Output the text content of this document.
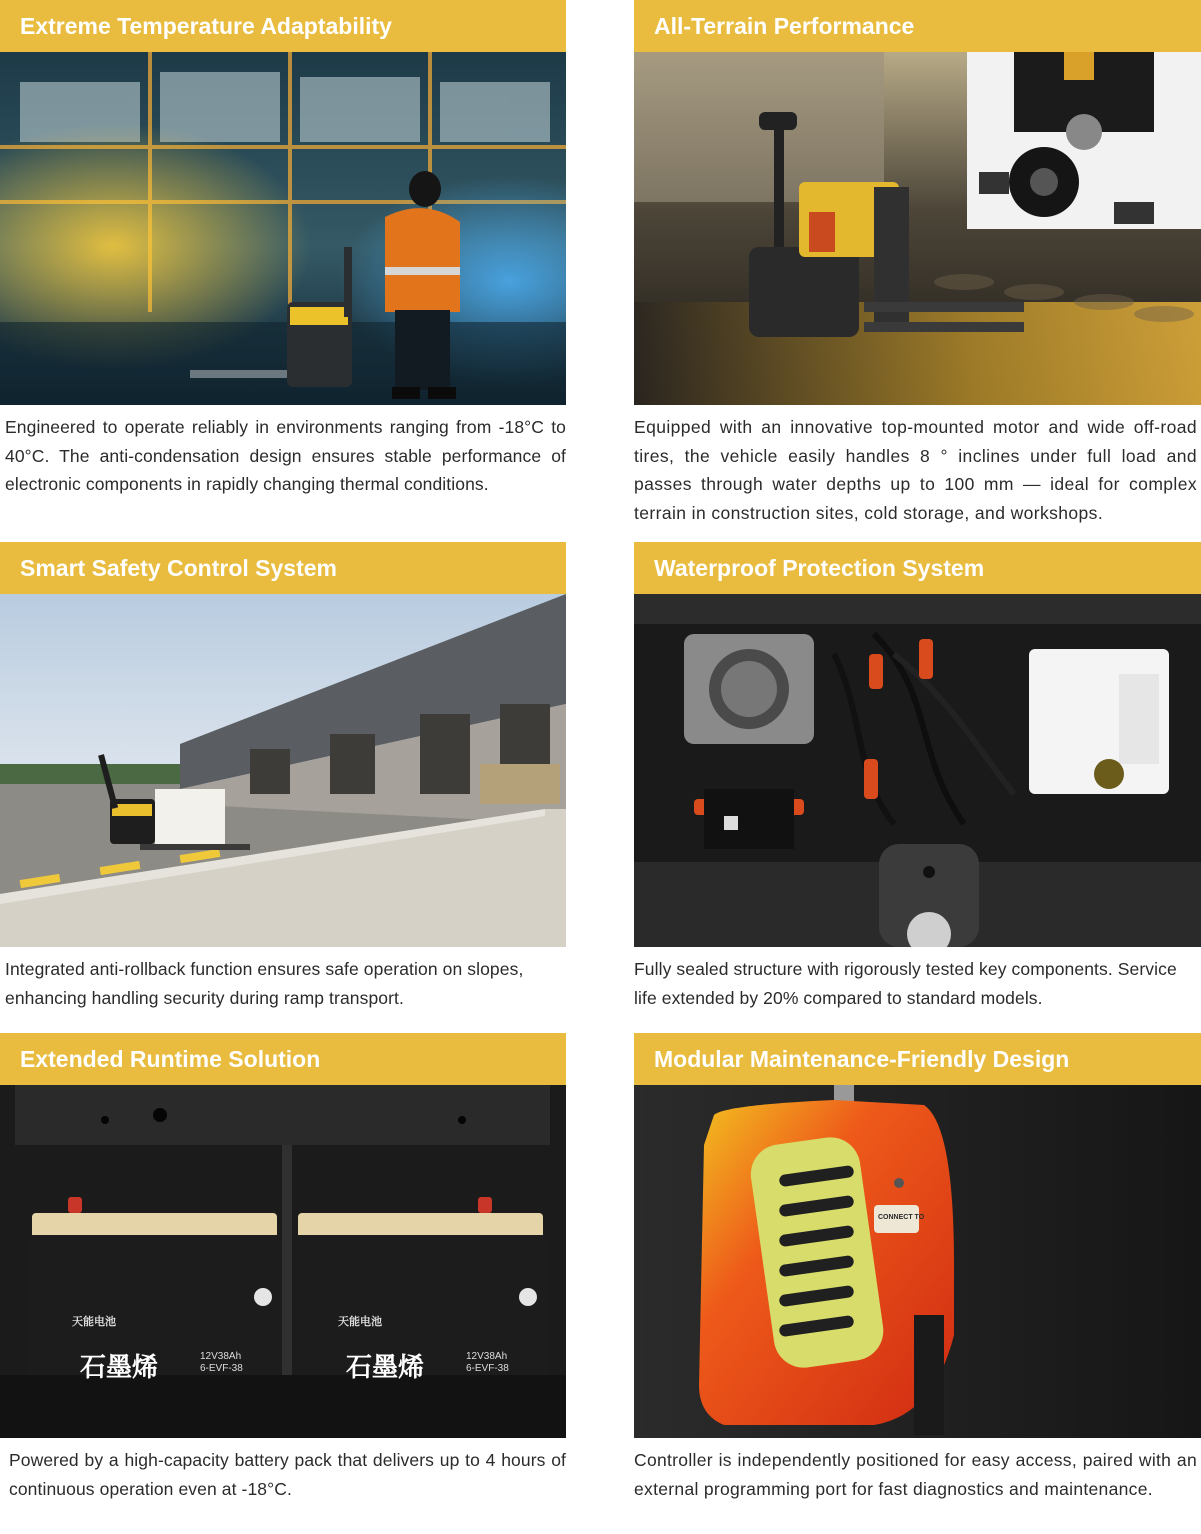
Extreme Temperature Adaptability

Engineered to operate reliably in environments ranging from -18°C to 40°C. The anti-condensation design ensures stable performance of electronic components in rapidly changing thermal conditions.

All-Terrain Performance

Equipped with an innovative top-mounted motor and wide off-road tires, the vehicle easily handles 8 ° inclines under full load and passes through water depths up to 100 mm — ideal for complex terrain in construction sites, cold storage, and workshops.

Smart Safety Control System

Integrated anti-rollback function ensures safe operation on slopes, enhancing handling security during ramp transport.

Waterproof Protection System

Fully sealed structure with rigorously tested key components. Service life extended by 20% compared to standard models.

Extended Runtime Solution
天能电池
石墨烯	12V38Ah
6-EVF-38
天能电池
石墨烯	12V38Ah
6-EVF-38

Powered by a high-capacity battery pack that delivers up to 4 hours of continuous operation even at -18°C.

Modular Maintenance-Friendly Design
CONNECT TO

Controller is independently positioned for easy access, paired with an external programming port for fast diagnostics and maintenance.
